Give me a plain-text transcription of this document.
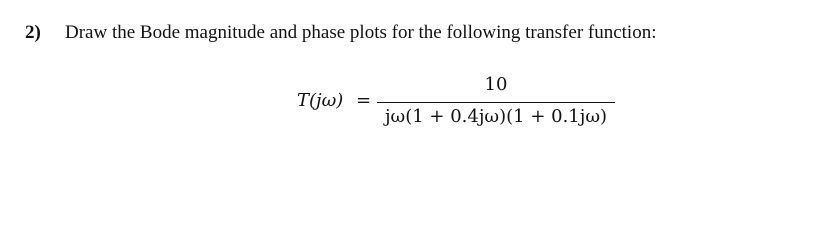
2) Draw the Bode magnitude and phase plots for the following transfer function:
T(jω) =
10
jω(1 + 0.4jω)(1 + 0.1jω)
